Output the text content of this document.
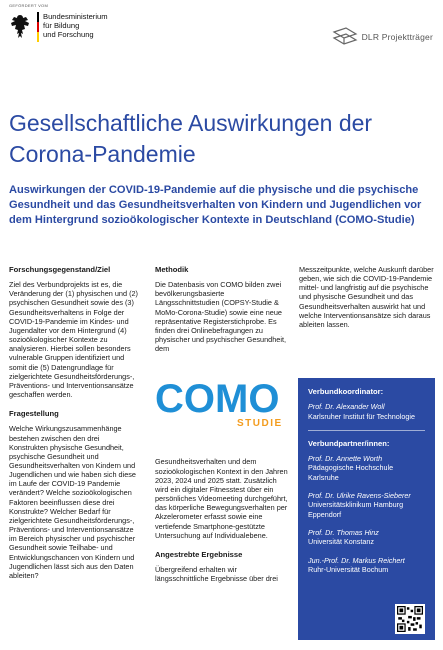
GEFÖRDERT VOM
Bundesministerium
für Bildung
und Forschung	DLR Projektträger
Gesellschaftliche Auswirkungen der Corona-Pandemie
Auswirkungen der COVID-19-Pandemie auf die physische und die psychische Gesundheit und das Gesundheitsverhalten von Kindern und Jugendlichen vor dem Hintergrund sozioökologischer Kontexte in Deutschland (COMO-Studie)
Forschungsgegenstand/Ziel
Ziel des Verbundprojekts ist es, die Veränderung der (1) physischen und (2) psychischen Gesundheit sowie des (3) Gesundheitsverhaltens in Folge der COVID-19-Pandemie im Kindes- und Jugendalter vor dem Hintergrund (4) sozioökologischer Kontexte zu analysieren. Hierbei sollen besonders vulnerable Gruppen identifiziert und somit die (5) Datengrundlage für zielgerichtete Gesundheitsförderungs-, Präventions- und Interventionsansätze geschaffen werden.
Fragestellung
Welche Wirkungszusammenhänge bestehen zwischen den drei Konstrukten physische Gesundheit, psychische Gesundheit und Gesundheitsverhalten von Kindern und Jugendlichen und wie haben sich diese im Laufe der COVID-19 Pandemie verändert? Welche sozioökologischen Faktoren beeinflussen diese drei Konstrukte? Welcher Bedarf für zielgerichtete Gesundheitsförderungs-, Präventions- und Interventionsansätze im Bereich physischer und psychischer Gesundheit sowie Teilhabe- und Entwicklungschancen von Kindern und Jugendlichen lässt sich aus den Daten ableiten?
Methodik
Die Datenbasis von COMO bilden zwei bevölkerungsbasierte Längsschnittstudien (COPSY-Studie & MoMo-Corona-Studie) sowie eine neue repräsentative Registerstichprobe. Es finden drei Onlinebefragungen zu physischer und psychischer Gesundheit, dem
Gesundheitsverhalten und dem sozioökologischen Kontext in den Jahren 2023, 2024 und 2025 statt. Zusätzlich wird ein digitaler Fitnesstest über ein persönliches Videomeeting durchgeführt, das körperliche Bewegungsverhalten per Akzelerometer erfasst sowie eine vertiefende Smartphone-gestützte Untersuchung auf Individualebene.
Angestrebte Ergebnisse
Übergreifend erhalten wir längsschnittliche Ergebnisse über drei
COMO
STUDIE
Messzeitpunkte, welche Auskunft darüber geben, wie sich die COVID-19-Pandemie mittel- und langfristig auf die psychische und physische Gesundheit und das Gesundheitsverhalten auswirkt hat und welche Interventionsansätze sich daraus ableiten lassen.
Verbundkoordinator:
Prof. Dr. Alexander Woll
Karlsruher Institut für Technologie
Verbundpartner/innen:
Prof. Dr. Annette Worth
Pädagogische Hochschule Karlsruhe
Prof. Dr. Ulrike Ravens-Sieberer
Universitätsklinikum Hamburg Eppendorf
Prof. Dr. Thomas Hinz
Universität Konstanz
Jun.-Prof. Dr. Markus Reichert
Ruhr-Universität Bochum
